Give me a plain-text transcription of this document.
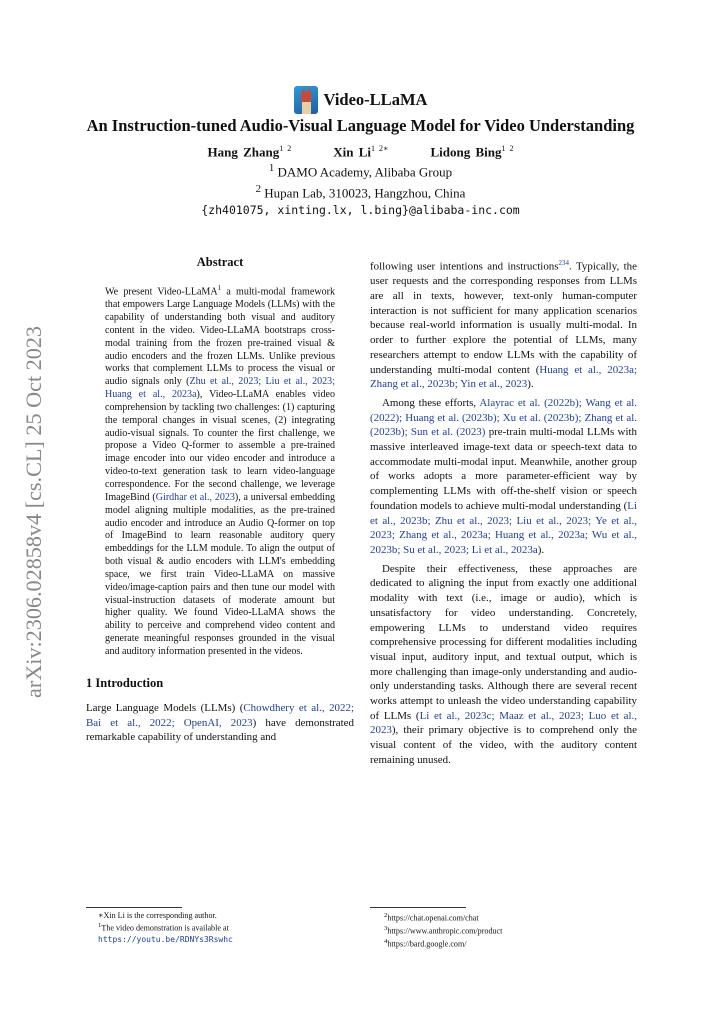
arXiv:2306.02858v4 [cs.CL] 25 Oct 2023
Video-LLaMA
An Instruction-tuned Audio-Visual Language Model for Video Understanding
Hang Zhang$^{1 2}$	Xin $Li^{1 2∗}$	Lidong Bing$^{1 2}$
$^1$ DAMO Academy, Alibaba Group
$^2$ Hupan Lab, 310023, Hangzhou, China
{zh401075, xinting.lx, l.bing}@alibaba-inc.com
Abstract
We present Video-LLaMA$^1$ a multi-modal framework that empowers Large Language Models (LLMs) with the capability of understanding both visual and auditory content in the video. Video-LLaMA bootstraps cross-modal training from the frozen pre-trained visual & audio encoders and the frozen LLMs. Unlike previous works that complement LLMs to process the visual or audio signals only (Zhu et al., 2023; Liu et al., 2023; Huang et al., 2023a), Video-LLaMA enables video comprehension by tackling two challenges: (1) capturing the temporal changes in visual scenes, (2) integrating audio-visual signals. To counter the first challenge, we propose a Video Q-former to assemble a pre-trained image encoder into our video encoder and introduce a video-to-text generation task to learn video-language correspondence. For the second challenge, we leverage ImageBind (Girdhar et al., 2023), a universal embedding model aligning multiple modalities, as the pre-trained audio encoder and introduce an Audio Q-former on top of ImageBind to learn reasonable auditory query embeddings for the LLM module. To align the output of both visual & audio encoders with LLM's embedding space, we first train Video-LLaMA on massive video/image-caption pairs and then tune our model with visual-instruction datasets of moderate amount but higher quality. We found Video-LLaMA shows the ability to perceive and comprehend video content and generate meaningful responses grounded in the visual and auditory information presented in the videos.
1 Introduction

Large Language Models (LLMs) (Chowdhery et al., 2022; Bai et al., 2022; OpenAI, 2023) have demonstrated remarkable capability of understanding and

∗Xin Li is the corresponding author.
$^1$The video demonstration is available at https://youtu.be/RDNYs3Rswhc

following user intentions and instructions$^{234}$. Typically, the user requests and the corresponding responses from LLMs are all in texts, however, text-only human-computer interaction is not sufficient for many application scenarios because real-world information is usually multi-modal. In order to further explore the potential of LLMs, many researchers attempt to endow LLMs with the capability of understanding multi-modal content (Huang et al., 2023a; Zhang et al., 2023b; Yin et al., 2023).

Among these efforts, Alayrac et al. (2022b); Wang et al. (2022); Huang et al. (2023b); Xu et al. (2023b); Zhang et al. (2023b); Sun et al. (2023) pre-train multi-modal LLMs with massive interleaved image-text data or speech-text data to accommodate multi-modal input. Meanwhile, another group of works adopts a more parameter-efficient way by complementing LLMs with off-the-shelf vision or speech foundation models to achieve multi-modal understanding (Li et al., 2023b; Zhu et al., 2023; Liu et al., 2023; Ye et al., 2023; Zhang et al., 2023a; Huang et al., 2023a; Wu et al., 2023b; Su et al., 2023; Li et al., 2023a).

Despite their effectiveness, these approaches are dedicated to aligning the input from exactly one additional modality with text (i.e., image or audio), which is unsatisfactory for video understanding. Concretely, empowering LLMs to understand video requires comprehensive processing for different modalities including visual input, auditory input, and textual output, which is more challenging than image-only understanding and audio-only understanding tasks. Although there are several recent works attempt to unleash the video understanding capability of LLMs (Li et al., 2023c; Maaz et al., 2023; Luo et al., 2023), their primary objective is to comprehend only the visual content of the video, with the auditory content remaining unused.

$^2$https://chat.openai.com/chat
$^3$https://www.anthropic.com/product
$^4$https://bard.google.com/
